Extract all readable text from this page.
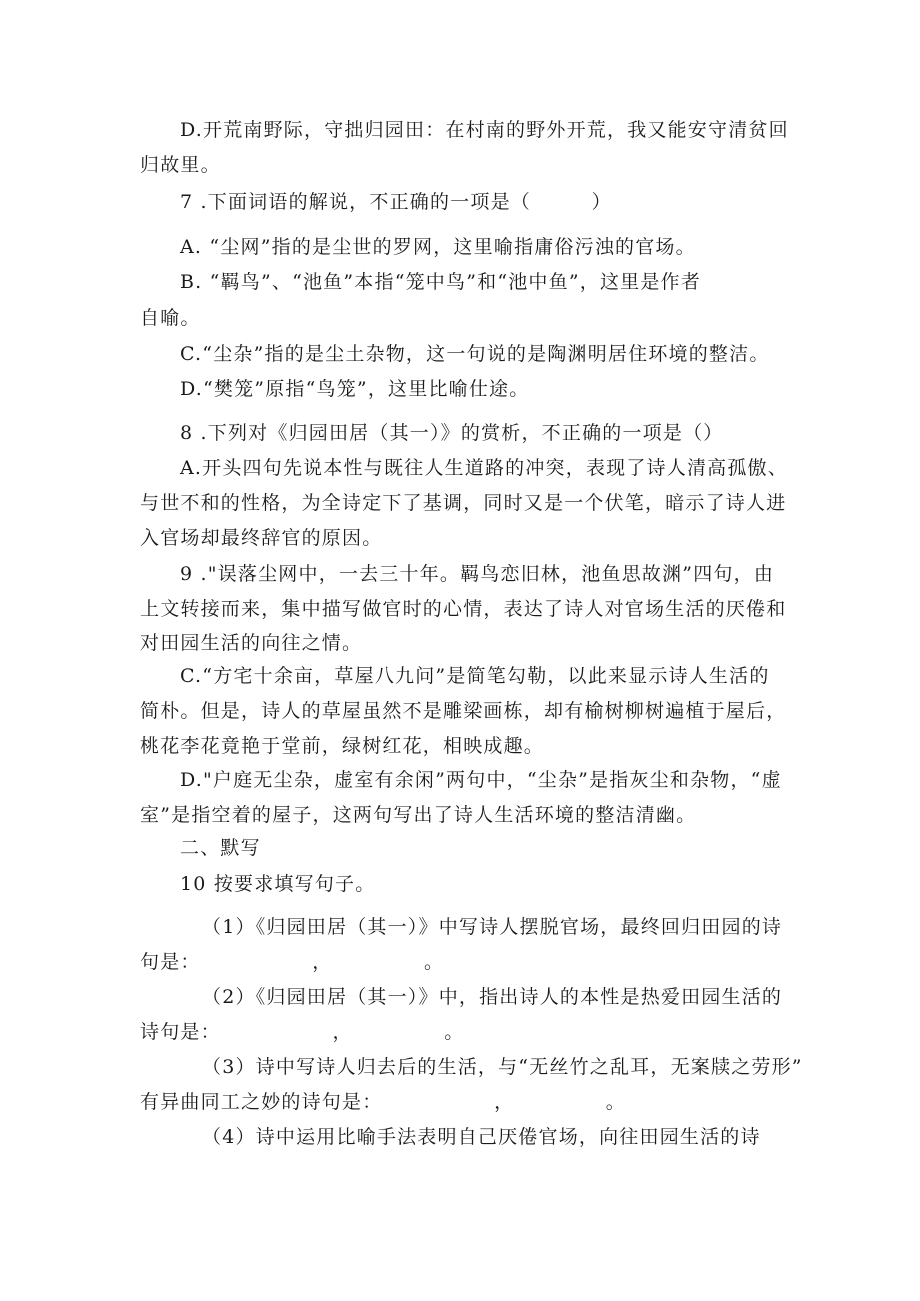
D.开荒南野际，守拙归园田：在村南的野外开荒，我又能安守清贫回
归故里。
7 .下面词语的解说，不正确的一项是（　　　）
A. “尘网”指的是尘世的罗网，这里喻指庸俗污浊的官场。
B. “羁鸟”、“池鱼”本指“笼中鸟”和“池中鱼”，这里是作者
自喻。
C.“尘杂”指的是尘土杂物，这一句说的是陶渊明居住环境的整洁。
D.“樊笼”原指“鸟笼”，这里比喻仕途。
8 .下列对《归园田居（其一）》的赏析，不正确的一项是（）
A.开头四句先说本性与既往人生道路的冲突，表现了诗人清高孤傲、
与世不和的性格，为全诗定下了基调，同时又是一个伏笔，暗示了诗人进
入官场却最终辞官的原因。
9 ."误落尘网中，一去三十年。羁鸟恋旧林，池鱼思故渊”四句，由
上文转接而来，集中描写做官时的心情，表达了诗人对官场生活的厌倦和
对田园生活的向往之情。
C.“方宅十余亩，草屋八九问”是简笔勾勒，以此来显示诗人生活的
简朴。但是，诗人的草屋虽然不是雕梁画栋，却有榆树柳树遍植于屋后，
桃花李花竟艳于堂前，绿树红花，相映成趣。
D."户庭无尘杂，虚室有余闲”两句中，“尘杂”是指灰尘和杂物，“虚
室”是指空着的屋子，这两句写出了诗人生活环境的整洁清幽。
二、默写
10 按要求填写句子。
（1）《归园田居（其一）》中写诗人摆脱官场，最终回归田园的诗
句是：　　　　　　，　　　　　。
（2）《归园田居（其一）》中，指出诗人的本性是热爱田园生活的
诗句是：　　　　　　，　　　　　。
（3）诗中写诗人归去后的生活，与“无丝竹之乱耳，无案牍之劳形”
有异曲同工之妙的诗句是：　　　　　　，　　　　　。
（4）诗中运用比喻手法表明自己厌倦官场，向往田园生活的诗
